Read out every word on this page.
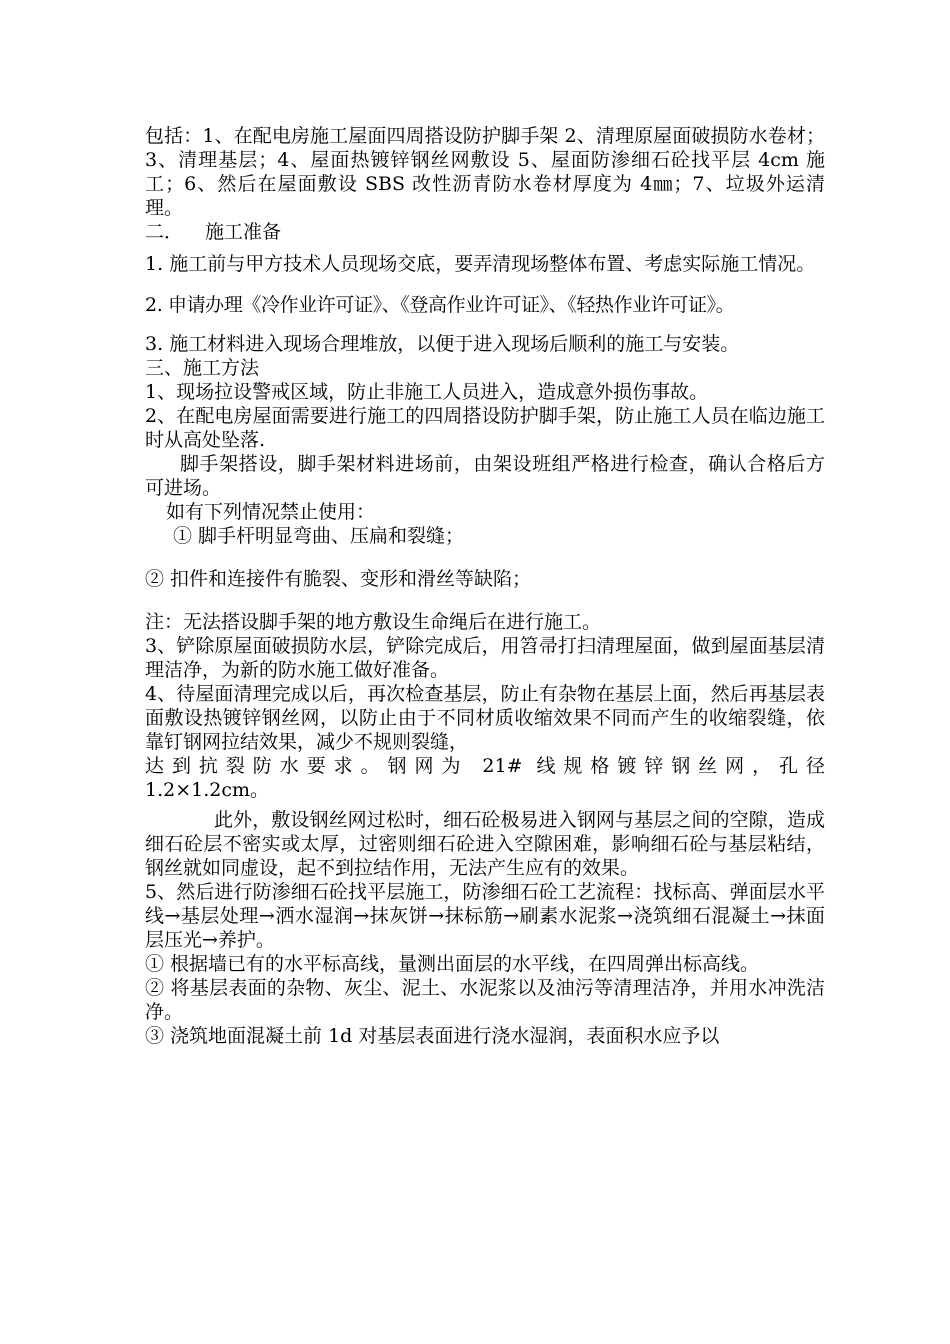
包括：1、在配电房施工屋面四周搭设防护脚手架 2、清理原屋面破损防水卷材；3、清理基层；4、屋面热镀锌钢丝网敷设 5、屋面防渗细石砼找平层 4cm 施工；6、然后在屋面敷设 SBS 改性沥青防水卷材厚度为 4㎜；7、垃圾外运清理。

二． 施工准备

1. 施工前与甲方技术人员现场交底，要弄清现场整体布置、考虑实际施工情况。

2. 申请办理《冷作业许可证》、《登高作业许可证》、《轻热作业许可证》。

3. 施工材料进入现场合理堆放，以便于进入现场后顺利的施工与安装。

三、施工方法

1、现场拉设警戒区域，防止非施工人员进入，造成意外损伤事故。

2、在配电房屋面需要进行施工的四周搭设防护脚手架，防止施工人员在临边施工时从高处坠落.

脚手架搭设，脚手架材料进场前，由架设班组严格进行检查，确认合格后方可进场。

如有下列情况禁止使用：

① 脚手杆明显弯曲、压扁和裂缝；

② 扣件和连接件有脆裂、变形和滑丝等缺陷；

注：无法搭设脚手架的地方敷设生命绳后在进行施工。

3、铲除原屋面破损防水层，铲除完成后，用笤帚打扫清理屋面，做到屋面基层清理洁净，为新的防水施工做好准备。

4、待屋面清理完成以后，再次检查基层，防止有杂物在基层上面，然后再基层表面敷设热镀锌钢丝网，以防止由于不同材质收缩效果不同而产生的收缩裂缝，依靠钉钢网拉结效果，减少不规则裂缝，

达到抗裂防水要求。钢网为 21# 线规格镀锌钢丝网，孔径

1.2×1.2cm。

此外，敷设钢丝网过松时，细石砼极易进入钢网与基层之间的空隙，造成细石砼层不密实或太厚，过密则细石砼进入空隙困难，影响细石砼与基层粘结，钢丝就如同虚设，起不到拉结作用，无法产生应有的效果。

5、然后进行防渗细石砼找平层施工，防渗细石砼工艺流程：找标高、弹面层水平线→基层处理→洒水湿润→抹灰饼→抹标筋→刷素水泥浆→浇筑细石混凝土→抹面层压光→养护。

① 根据墙已有的水平标高线，量测出面层的水平线，在四周弹出标高线。

② 将基层表面的杂物、灰尘、泥土、水泥浆以及油污等清理洁净，并用水冲洗洁净。

③ 浇筑地面混凝土前 1d 对基层表面进行浇水湿润，表面积水应予以
